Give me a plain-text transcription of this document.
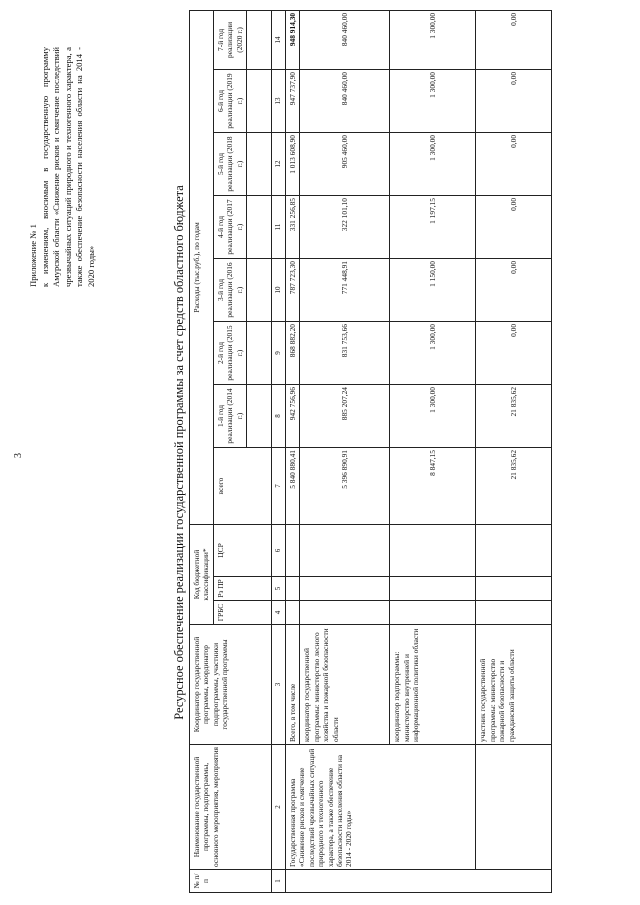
3

Приложение № 1 к изменениям, вносимым в государственную программу Амурской области «Снижение рисков и смягчение последствий чрезвычайных ситуаций природного и техногенного характера, а также обеспечение безопасности населения области на 2014 - 2020 годы»	Ресурсное обеспечение реализации государственной программы за счет средств областного бюджета
№ п/п	Наименование государственной программы, подпрограммы, основного мероприятия, мероприятия	Координатор государственной программы, координатор подпрограммы, участники государственной программы	Код бюджетной классификации*			Расходы (тыс.руб.), по годам							
			ГРБС	Рз ПР	ЦСР	всего	1-й год реализации (2014 г.)	2-й год реализации (2015 г.)	3-й год реализации (2016 г.)	4-й год реализации (2017 г.)	5-й год реализации (2018 г.)	6-й год реализации (2019 г.)	7-й год реализации (2020 г.)

1	2	3	4	5	6	7	8	9	10	11	12	13	14
	Государственная программа «Снижение рисков и смягчение последствий чрезвычайных ситуаций природного и техногенного характера, а также обеспечение безопасности населения области на 2014 - 2020 годы»	Всего, в том числе				5 840 880,41	942 756,96	868 882,20	787 723,30	331 256,85	1 013 608,90	947 737,90	948 914,30
		координатор государственной программы: министерство лесного хозяйства и пожарной безопасности области				5 396 890,91	885 207,24	831 753,66	771 448,91	322 101,10	905 460,00	840 460,00	840 460,00
		координатор подпрограммы: министерство внутренней и информационной политики области				8 847,15	1 300,00	1 300,00	1 150,00	1 197,15	1 300,00	1 300,00	1 300,00
		участник государственной программы: министерство пожарной безопасности и гражданской защиты области				21 835,62	21 835,62	0,00	0,00	0,00	0,00	0,00	0,00
